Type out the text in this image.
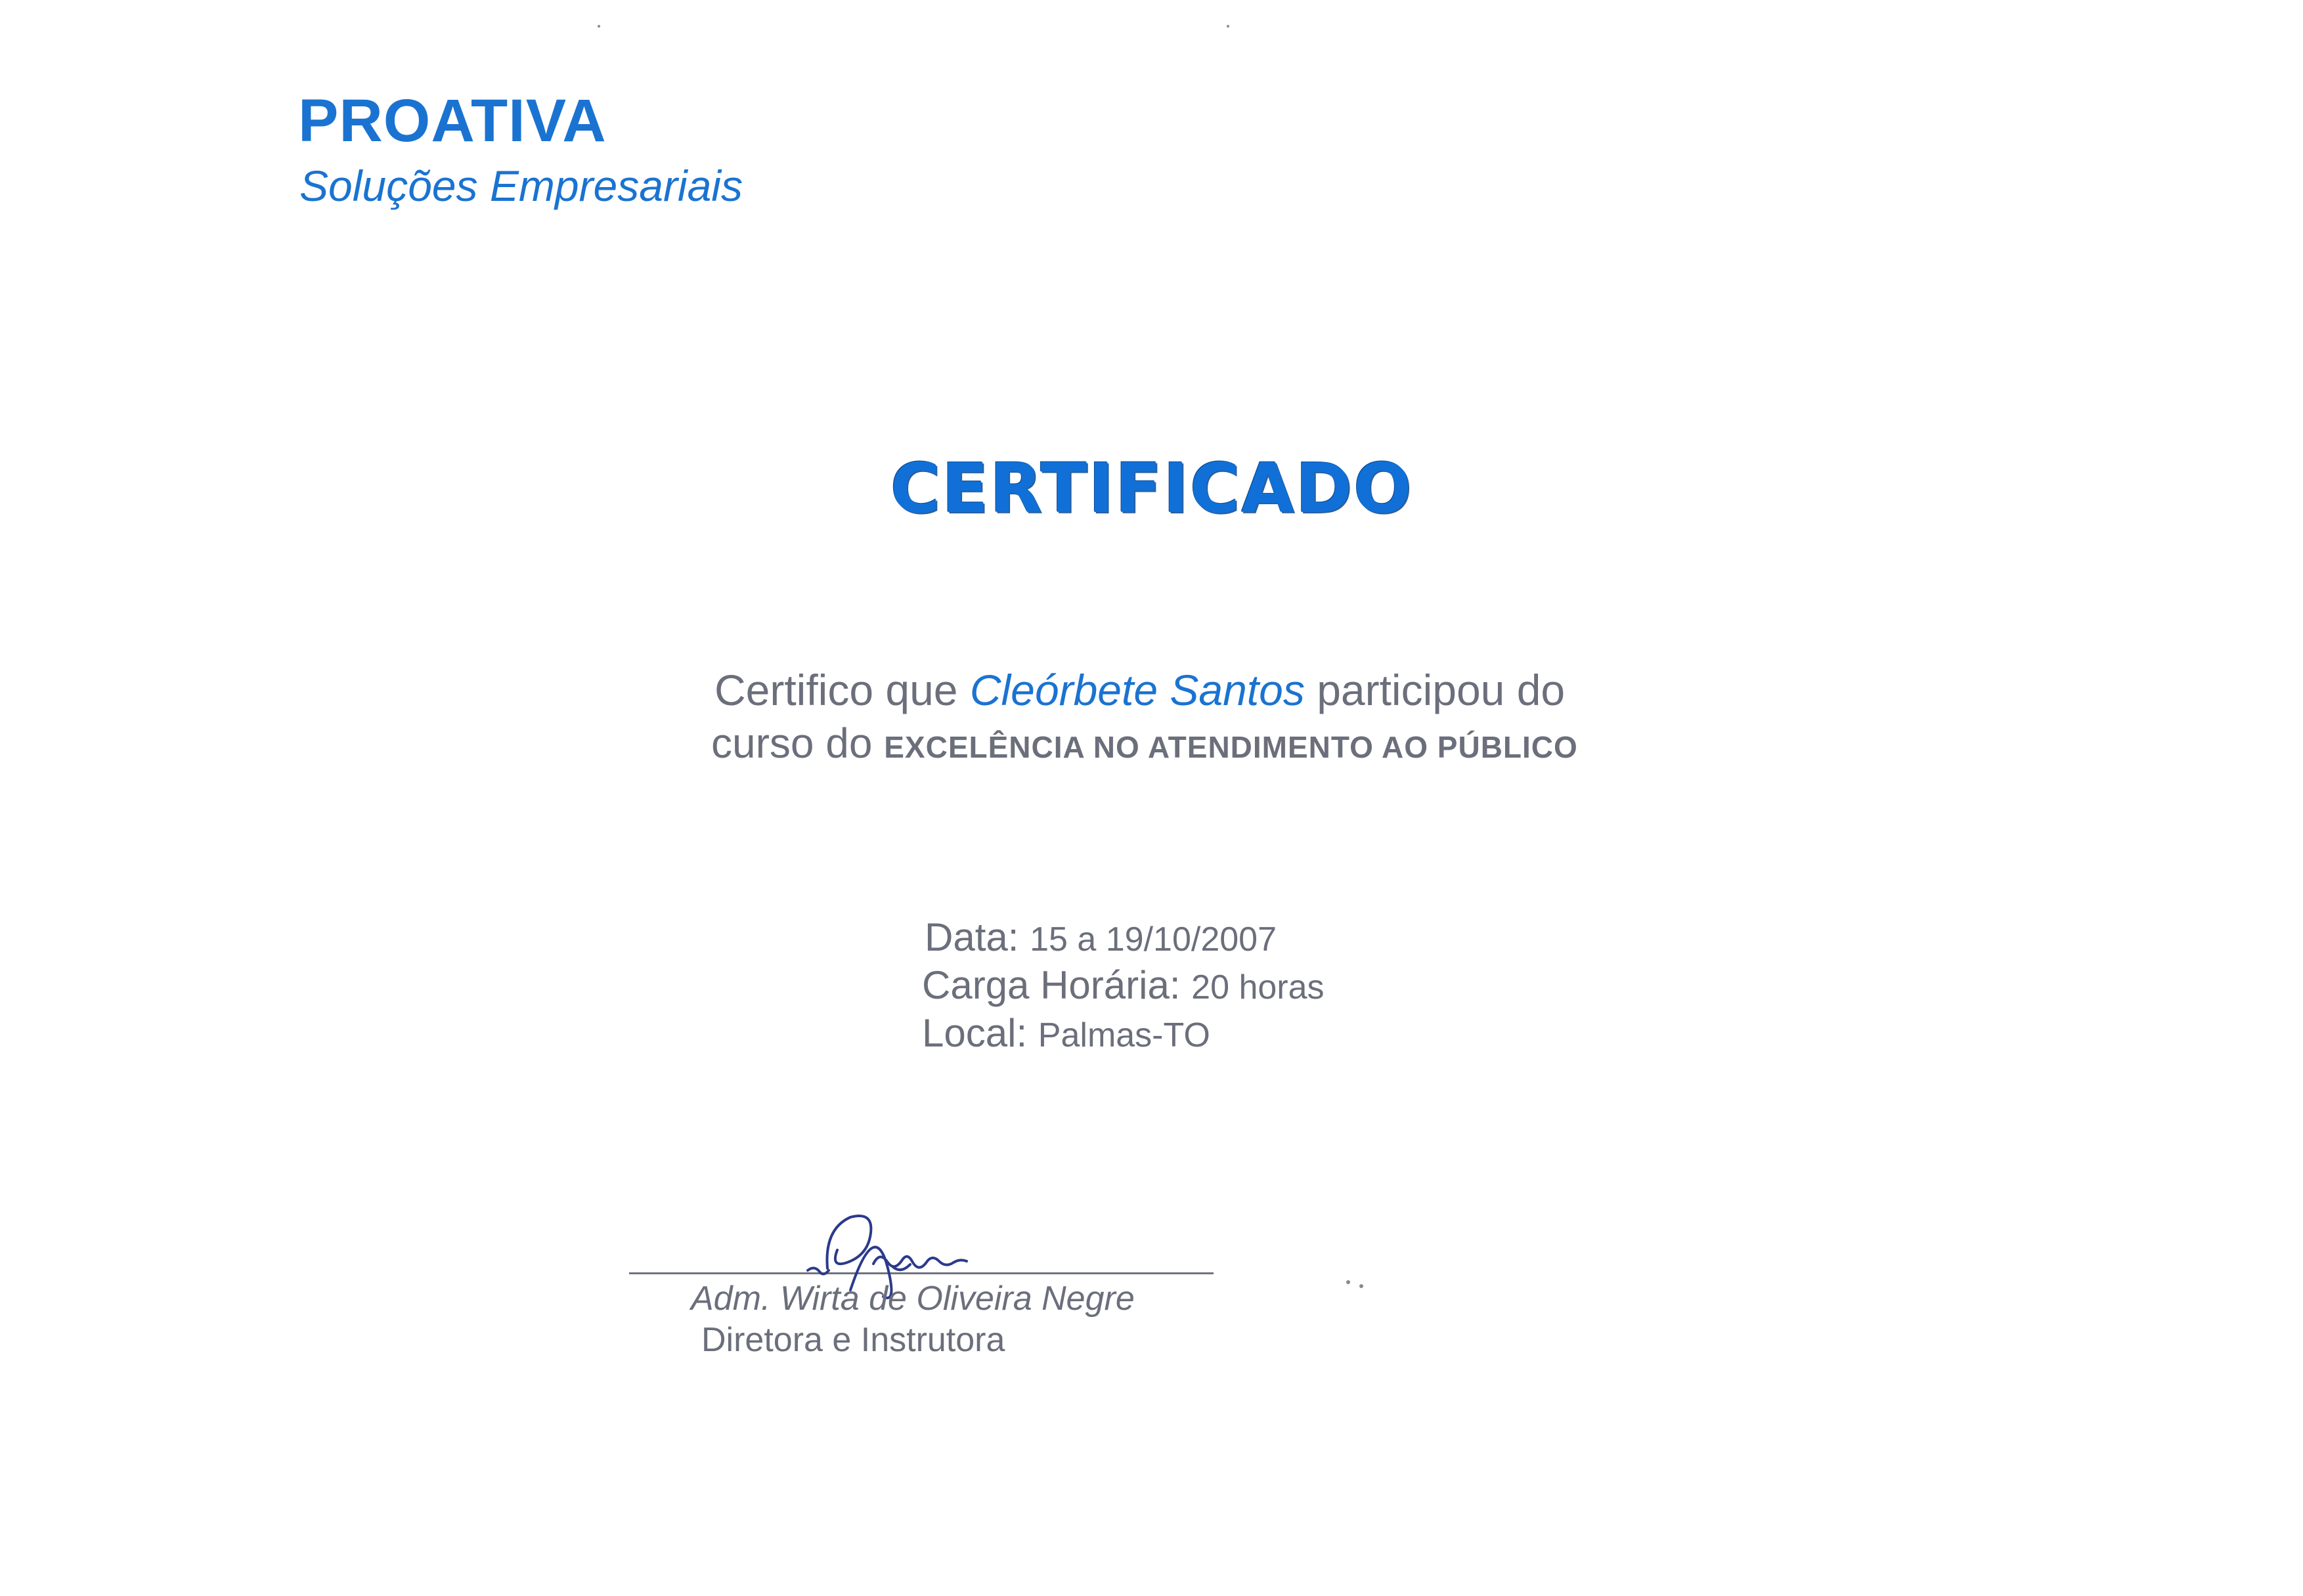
PROATIVA
Soluções Empresariais
CERTIFICADO
Certifico que Cleórbete Santos participou do
curso do EXCELÊNCIA NO ATENDIMENTO AO PÚBLICO
Data: 15 a 19/10/2007
Carga Horária: 20 horas
Local: Palmas-TO
Adm. Wirta de Oliveira Negre
Diretora e Instrutora
